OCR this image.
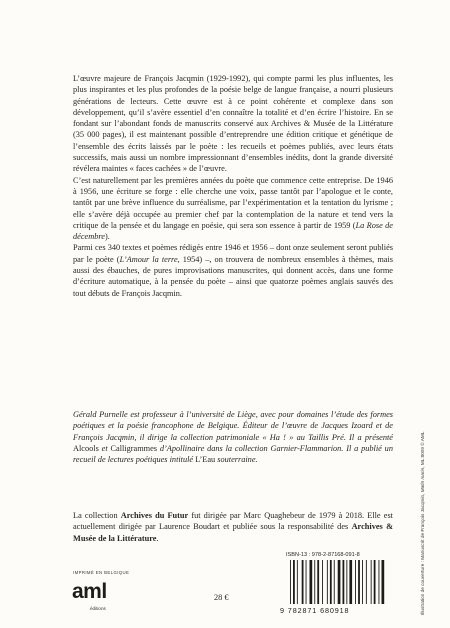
L’œuvre majeure de François Jacqmin (1929-1992), qui compte parmi les plus influentes, les plus inspirantes et les plus profondes de la poésie belge de langue française, a nourri plusieurs générations de lecteurs. Cette œuvre est à ce point cohérente et complexe dans son développement, qu’il s’avère essentiel d’en connaître la totalité et d’en écrire l’histoire. En se fondant sur l’abondant fonds de manuscrits conservé aux Archives & Musée de la Littérature (35 000 pages), il est maintenant possible d’entreprendre une édition critique et génétique de l’ensemble des écrits laissés par le poète : les recueils et poèmes publiés, avec leurs états successifs, mais aussi un nombre impressionnant d’ensembles inédits, dont la grande diversité révélera maintes « faces cachées » de l’œuvre.

C’est naturellement par les premières années du poète que commence cette entreprise. De 1946 à 1956, une écriture se forge : elle cherche une voix, passe tantôt par l’apologue et le conte, tantôt par une brève influence du surréalisme, par l’expérimentation et la tentation du lyrisme ; elle s’avère déjà occupée au premier chef par la contemplation de la nature et tend vers la critique de la pensée et du langage en poésie, qui sera son essence à partir de 1959 (La Rose de décembre).

Parmi ces 340 textes et poèmes rédigés entre 1946 et 1956 – dont onze seulement seront publiés par le poète (L’Amour la terre, 1954) –, on trouvera de nombreux ensembles à thèmes, mais aussi des ébauches, de pures improvisations manuscrites, qui donnent accès, dans une forme d’écriture automatique, à la pensée du poète – ainsi que quatorze poèmes anglais sauvés des tout débuts de François Jacqmin.

Gérald Purnelle est professeur à l’université de Liège, avec pour domaines l’étude des formes poétiques et la poésie francophone de Belgique. Éditeur de l’œuvre de Jacques Izoard et de François Jacqmin, il dirige la collection patrimoniale « Ha ! » au Taillis Pré. Il a présenté Alcools et Calligrammes d’Apollinaire dans la collection Garnier-Flammarion. Il a publié un recueil de lectures poétiques intitulé L’Eau souterraine.

La collection Archives du Futur fut dirigée par Marc Quaghebeur de 1979 à 2018. Elle est actuellement dirigée par Laurence Boudart et publiée sous la responsabilité des Archives & Musée de la Littérature.

IMPRIMÉ EN BELGIQUE
aml
éditions
28 €
ISBN-13 : 978-2-87168-091-8
9 782871 680918	Illustration de couverture : Manuscrit de François Jacqmin, Matin marin, ML 8009 © AML
